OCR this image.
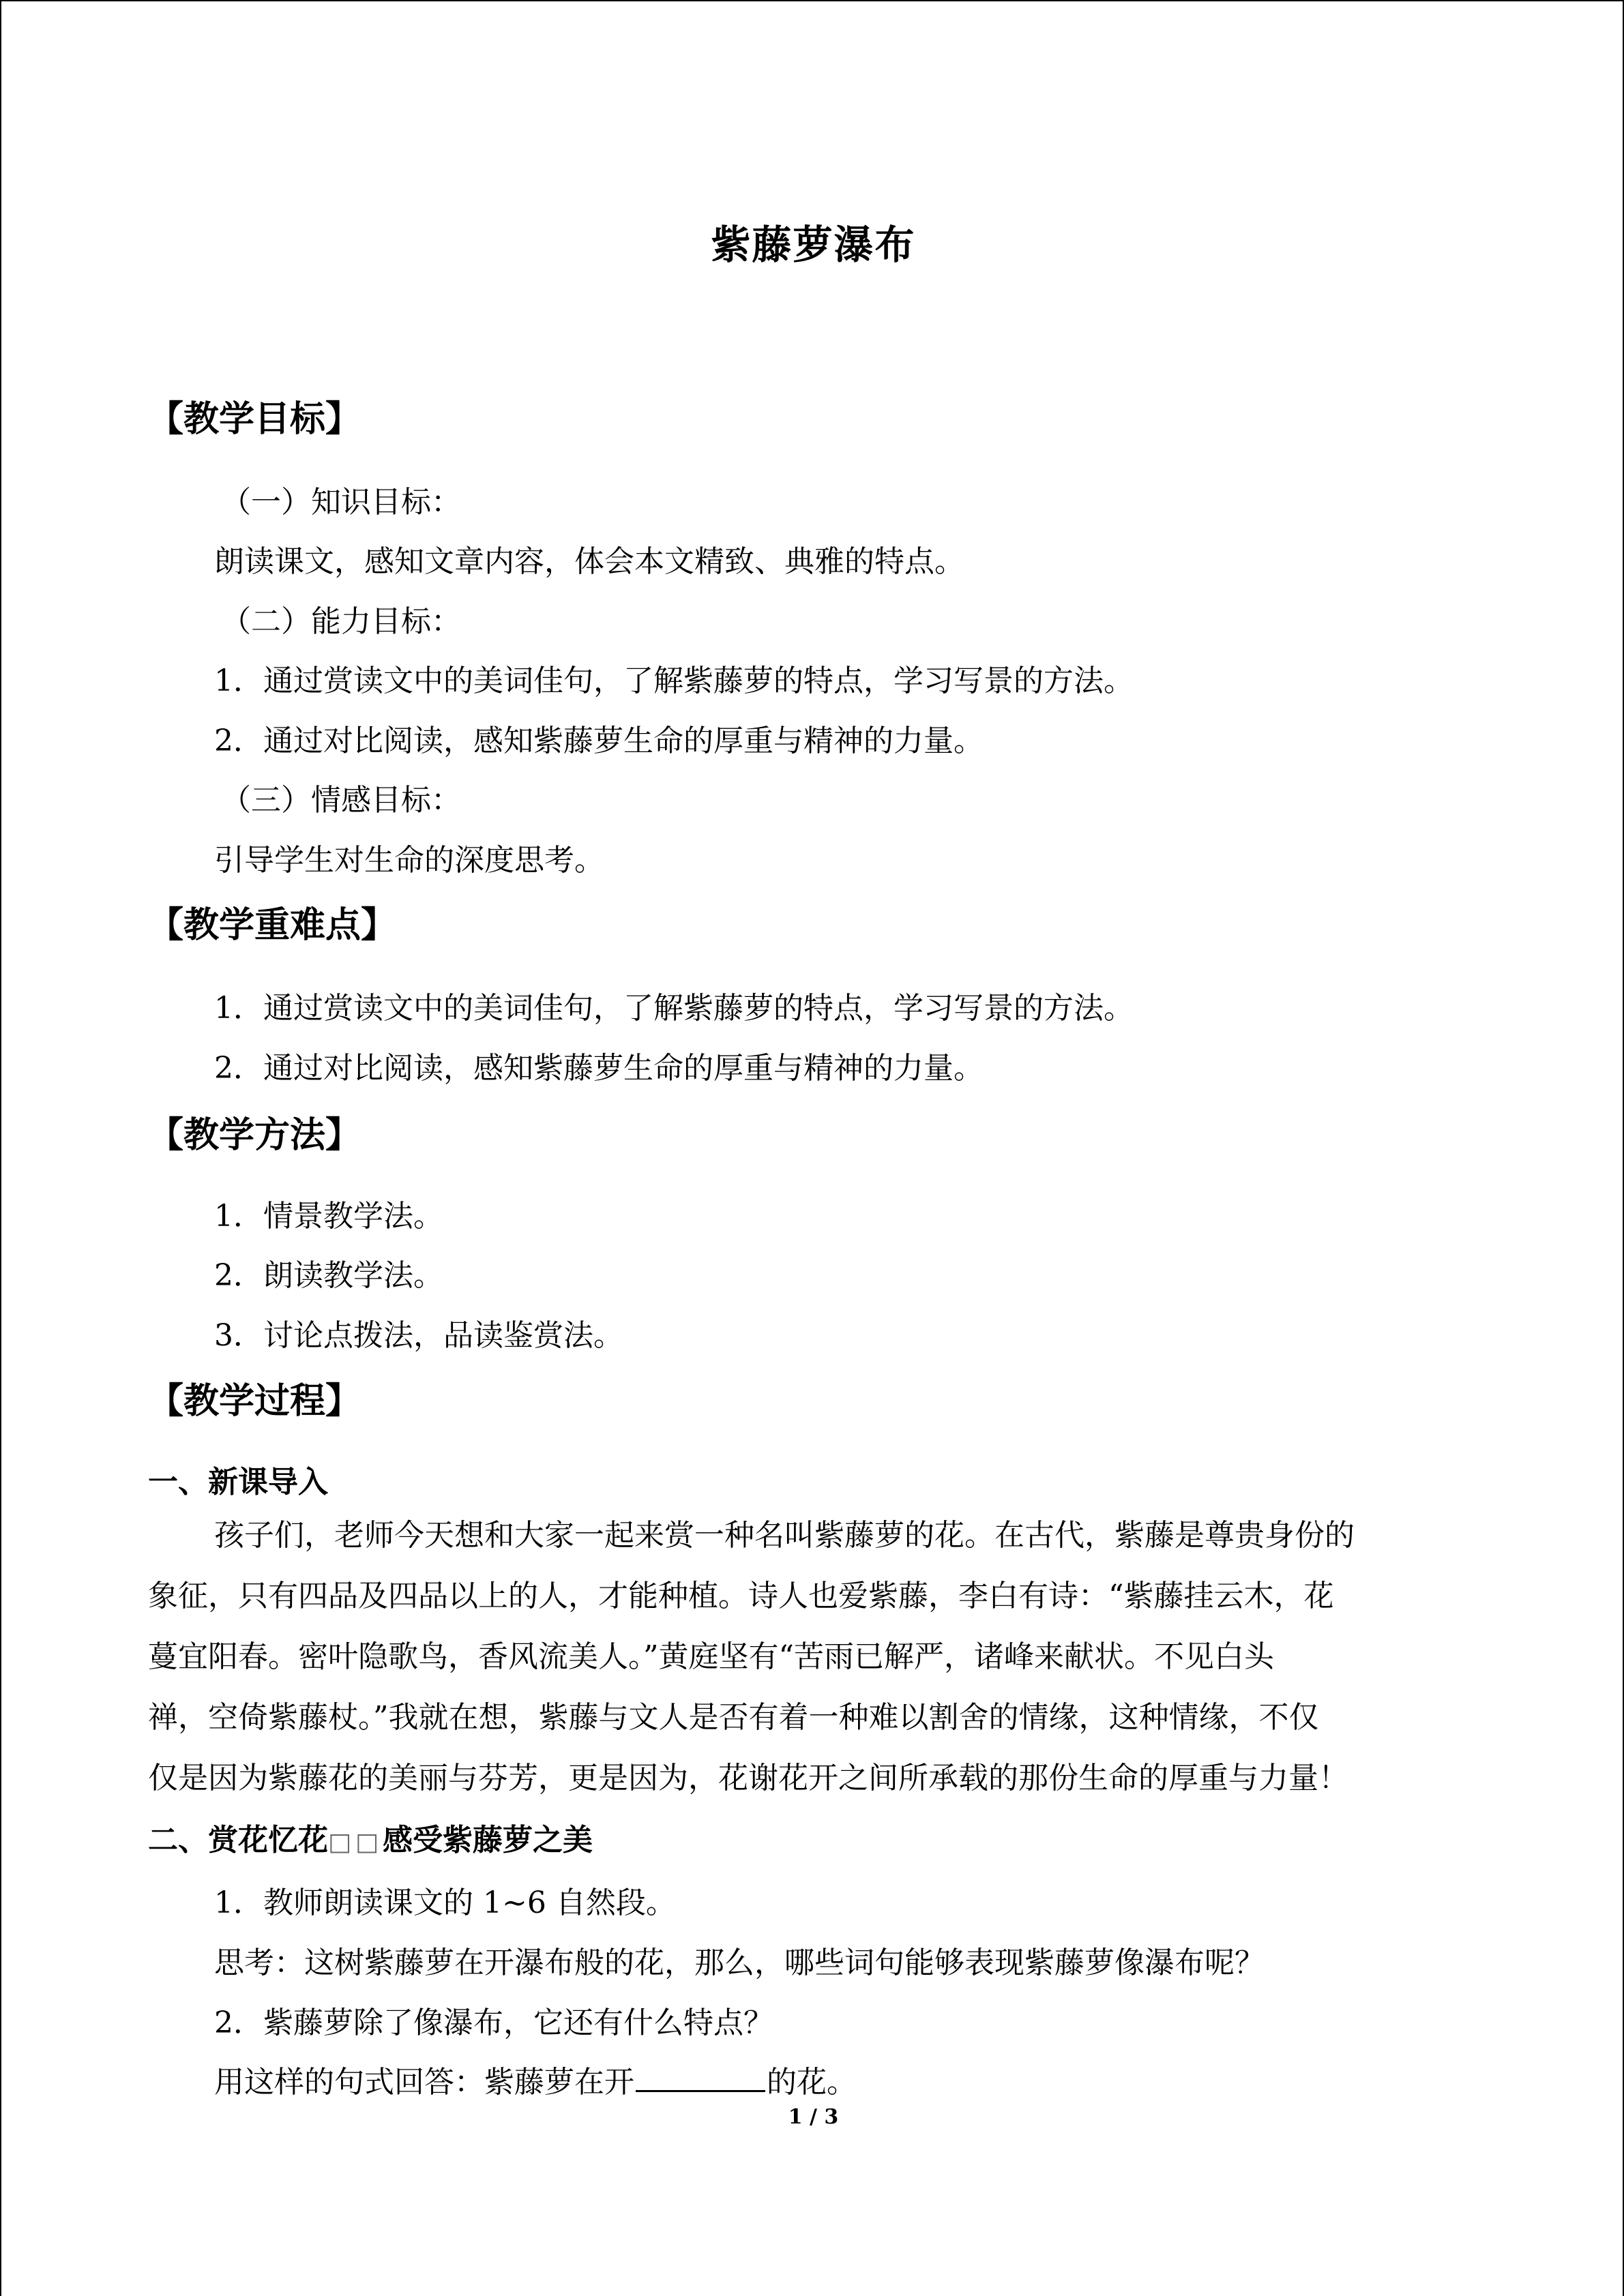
紫藤萝瀑布
【教学目标】
（一）知识目标：
朗读课文，感知文章内容，体会本文精致、典雅的特点。
（二）能力目标：
1．通过赏读文中的美词佳句，了解紫藤萝的特点，学习写景的方法。
2．通过对比阅读，感知紫藤萝生命的厚重与精神的力量。
（三）情感目标：
引导学生对生命的深度思考。
【教学重难点】
1．通过赏读文中的美词佳句，了解紫藤萝的特点，学习写景的方法。
2．通过对比阅读，感知紫藤萝生命的厚重与精神的力量。
【教学方法】
1．情景教学法。
2．朗读教学法。
3．讨论点拨法，品读鉴赏法。
【教学过程】
一、新课导入
孩子们，老师今天想和大家一起来赏一种名叫紫藤萝的花。在古代，紫藤是尊贵身份的
象征，只有四品及四品以上的人，才能种植。诗人也爱紫藤，李白有诗：“紫藤挂云木，花
蔓宜阳春。密叶隐歌鸟，香风流美人。”黄庭坚有“苦雨已解严，诸峰来献状。不见白头
禅，空倚紫藤杖。”我就在想，紫藤与文人是否有着一种难以割舍的情缘，这种情缘，不仅
仅是因为紫藤花的美丽与芬芳，更是因为，花谢花开之间所承载的那份生命的厚重与力量！
二、赏花忆花□□感受紫藤萝之美
1．教师朗读课文的 1~6 自然段。
思考：这树紫藤萝在开瀑布般的花，那么，哪些词句能够表现紫藤萝像瀑布呢？
2．紫藤萝除了像瀑布，它还有什么特点？
用这样的句式回答：紫藤萝在开	的花。
1 / 3
